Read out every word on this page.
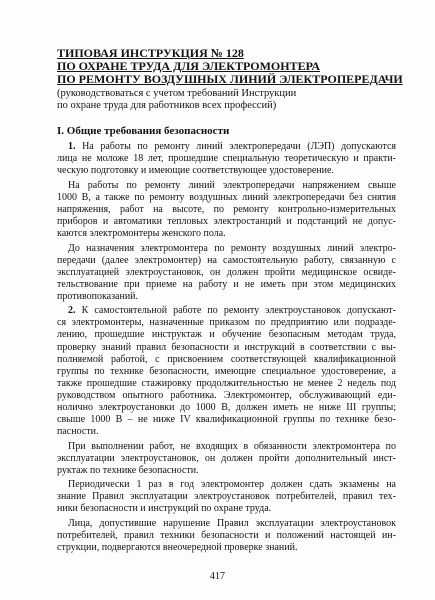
ТИПОВАЯ ИНСТРУКЦИЯ № 128
ПО ОХРАНЕ ТРУДА ДЛЯ ЭЛЕКТРОМОНТЕРА
ПО РЕМОНТУ ВОЗДУШНЫХ ЛИНИЙ ЭЛЕКТРОПЕРЕДАЧИ
(руководствоваться с учетом требований Инструкции
по охране труда для работников всех профессий)
I. Общие требования безопасности
1. На работы по ремонту линий электропередачи (ЛЭП) допускаются
лица не моложе 18 лет, прошедшие специальную теоретическую и практи-
ческую подготовку и имеющие соответствующее удостоверение.
На работы по ремонту линий электропередачи напряжением свыше
1000 В, а также по ремонту воздушных линий электропередачи без снятия
напряжения, работ на высоте, по ремонту контрольно-измерительных
приборов и автоматики тепловых электростанций и подстанций не допус-
каются электромонтеры женского пола.
До назначения электромонтера по ремонту воздушных линий электро-
передачи (далее электромонтер) на самостоятельную работу, связанную с
эксплуатацией электроустановок, он должен пройти медицинское освиде-
тельствование при приеме на работу и не иметь при этом медицинских
противопоказаний.
2. К самостоятельной работе по ремонту электроустановок допускают-
ся электромонтеры, назначенные приказом по предприятию или подразде-
лению, прошедшие инструктаж и обучение безопасным методам труда,
проверку знаний правил безопасности и инструкций в соответствии с вы-
полняемой работой, с присвоением соответствующей квалификационной
группы по технике безопасности, имеющие специальное удостоверение, а
также прошедшие стажировку продолжительностью не менее 2 недель под
руководством опытного работника. Электромонтер, обслуживающий еди-
нолично электроустановки до 1000 В, должен иметь не ниже III группы;
свыше 1000 В – не ниже IV квалификационной группы по технике безо-
пасности.
При выполнении работ, не входящих в обязанности электромонтера по
эксплуатации электроустановок, он должен пройти дополнительный инст-
руктаж по технике безопасности.
Периодически 1 раз в год электромонтер должен сдать экзамены на
знание Правил эксплуатации электроустановок потребителей, правил тех-
ники безопасности и инструкций по охране труда.
Лица, допустившие нарушение Правил эксплуатации электроустановок
потребителей, правил техники безопасности и положений настоящей ин-
струкции, подвергаются внеочередной проверке знаний.
417
